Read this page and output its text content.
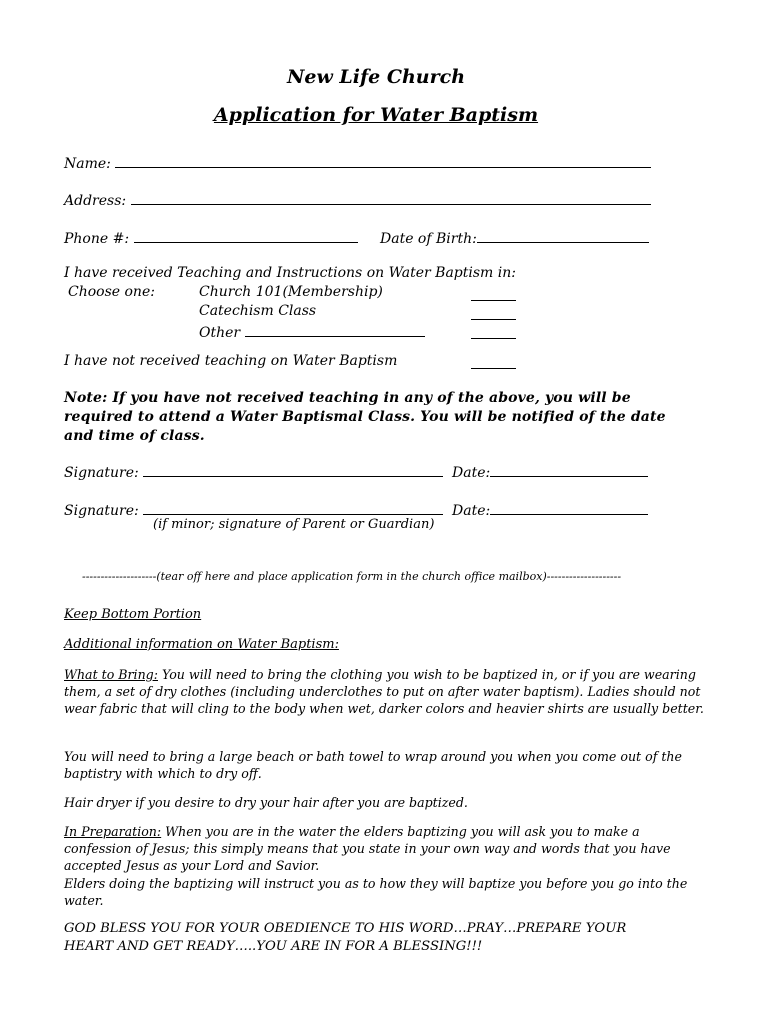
New Life Church
Application for Water Baptism
Name:
Address:
Phone #:	Date of Birth:
I have received Teaching and Instructions on Water Baptism in:
Choose one:	Church 101(Membership)
Catechism Class
Other
I have not received teaching on Water Baptism
Note: If you have not received teaching in any of the above, you will be required to attend a Water Baptismal Class. You will be notified of the date and time of class.
Signature:	Date:
Signature:	Date:
(if minor; signature of Parent or Guardian)
--------------------(tear off here and place application form in the church office mailbox)--------------------
Keep Bottom Portion
Additional information on Water Baptism:
What to Bring: You will need to bring the clothing you wish to be baptized in, or if you are wearing them, a set of dry clothes (including underclothes to put on after water baptism). Ladies should not wear fabric that will cling to the body when wet, darker colors and heavier shirts are usually better.
You will need to bring a large beach or bath towel to wrap around you when you come out of the baptistry with which to dry off.
Hair dryer if you desire to dry your hair after you are baptized.
In Preparation: When you are in the water the elders baptizing you will ask you to make a confession of Jesus; this simply means that you state in your own way and words that you have accepted Jesus as your Lord and Savior.
Elders doing the baptizing will instruct you as to how they will baptize you before you go into the water.
GOD BLESS YOU FOR YOUR OBEDIENCE TO HIS WORD…PRAY…PREPARE YOUR HEART AND GET READY…..YOU ARE IN FOR A BLESSING!!!
